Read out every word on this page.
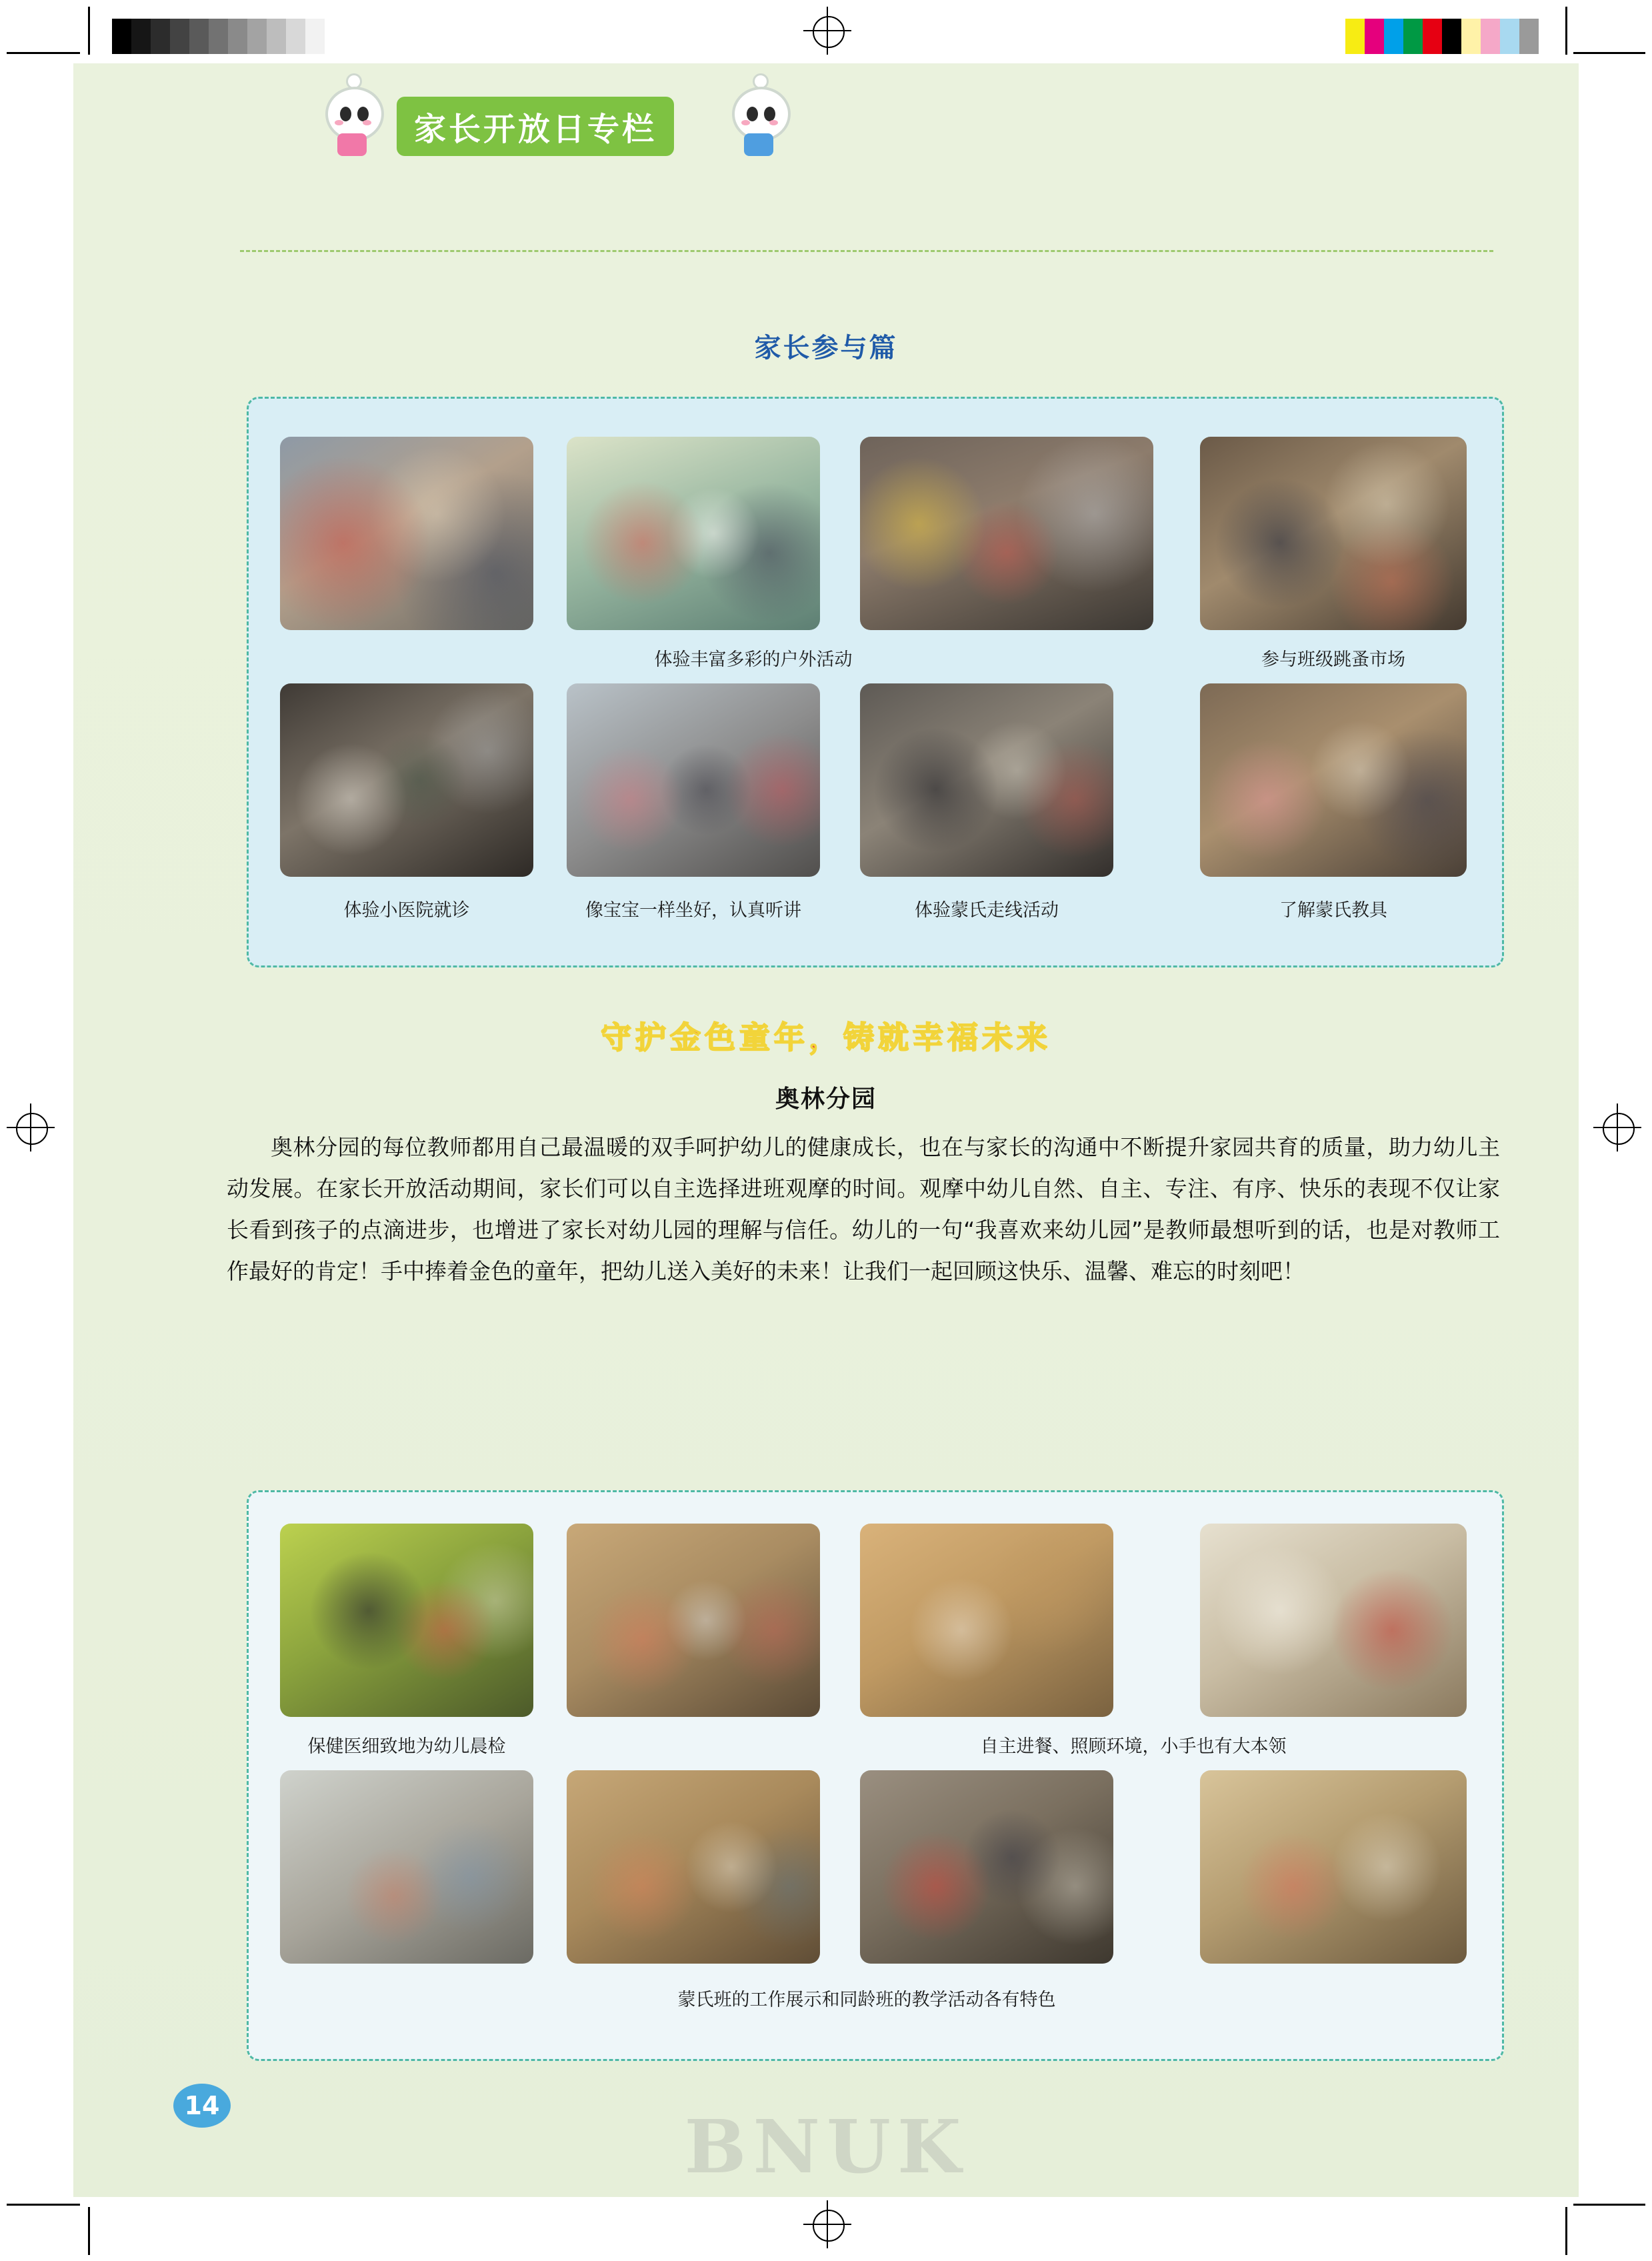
家长开放日专栏
家长参与篇
体验丰富多彩的户外活动	参与班级跳蚤市场
体验小医院就诊	像宝宝一样坐好，认真听讲	体验蒙氏走线活动	了解蒙氏教具
守护金色童年，铸就幸福未来
奥林分园
奥林分园的每位教师都用自己最温暖的双手呵护幼儿的健康成长，也在与家长的沟通中不断提升家园共育的质量，助力幼儿主动发展。在家长开放活动期间，家长们可以自主选择进班观摩的时间。观摩中幼儿自然、自主、专注、有序、快乐的表现不仅让家长看到孩子的点滴进步，也增进了家长对幼儿园的理解与信任。幼儿的一句“我喜欢来幼儿园”是教师最想听到的话，也是对教师工作最好的肯定！手中捧着金色的童年，把幼儿送入美好的未来！让我们一起回顾这快乐、温馨、难忘的时刻吧！
保健医细致地为幼儿晨检	自主进餐、照顾环境，小手也有大本领
蒙氏班的工作展示和同龄班的教学活动各有特色
14	BNUK
